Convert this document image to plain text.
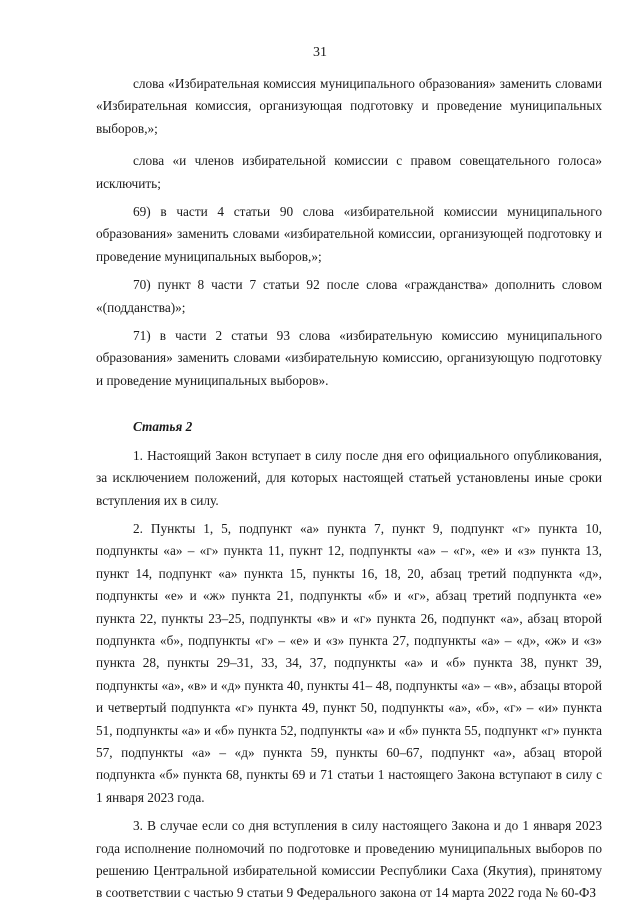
31

слова «Избирательная комиссия муниципального образования» заменить словами «Избирательная комиссия, организующая подготовку и проведение муниципальных выборов,»;

слова «и членов избирательной комиссии с правом совещательного голоса» исключить;

69) в части 4 статьи 90 слова «избирательной комиссии муниципального образования» заменить словами «избирательной комиссии, организующей подготовку и проведение муниципальных выборов,»;

70) пункт 8 части 7 статьи 92 после слова «гражданства» дополнить словом «(подданства)»;

71) в части 2 статьи 93 слова «избирательную комиссию муниципального образования» заменить словами «избирательную комиссию, организующую подготовку и проведение муниципальных выборов».

Статья 2

1. Настоящий Закон вступает в силу после дня его официального опубликования, за исключением положений, для которых настоящей статьей установлены иные сроки вступления их в силу.

2. Пункты 1, 5, подпункт «а» пункта 7, пункт 9, подпункт «г» пункта 10, подпункты «а» – «г» пункта 11, пукнт 12, подпункты «а» – «г», «е» и «з» пункта 13, пункт 14, подпункт «а» пункта 15, пункты 16, 18, 20, абзац третий подпункта «д», подпункты «е» и «ж» пункта 21, подпункты «б» и «г», абзац третий подпункта «е» пункта 22, пункты 23–25, подпункты «в» и «г» пункта 26, подпункт «а», абзац второй подпункта «б», подпункты «г» – «е» и «з» пункта 27, подпункты «а» – «д», «ж» и «з» пункта 28, пункты 29–31, 33, 34, 37, подпункты «а» и «б» пункта 38, пункт 39, подпункты «а», «в» и «д» пункта 40, пункты 41– 48, подпункты «а» – «в», абзацы второй и четвертый подпункта «г» пункта 49, пункт 50, подпункты «а», «б», «г» – «и» пункта 51, подпункты «а» и «б» пункта 52, подпункты «а» и «б» пункта 55, подпункт «г» пункта 57, подпункты «а» – «д» пункта 59, пункты 60–67, подпункт «а», абзац второй подпункта «б» пункта 68, пункты 69 и 71 статьи 1 настоящего Закона вступают в силу с 1 января 2023 года.

3. В случае если со дня вступления в силу настоящего Закона и до 1 января 2023 года исполнение полномочий по подготовке и проведению муниципальных выборов по решению Центральной избирательной комиссии Республики Саха (Якутия), принятому в соответствии с частью 9 статьи 9 Федерального закона от 14 марта 2022 года № 60-ФЗ
